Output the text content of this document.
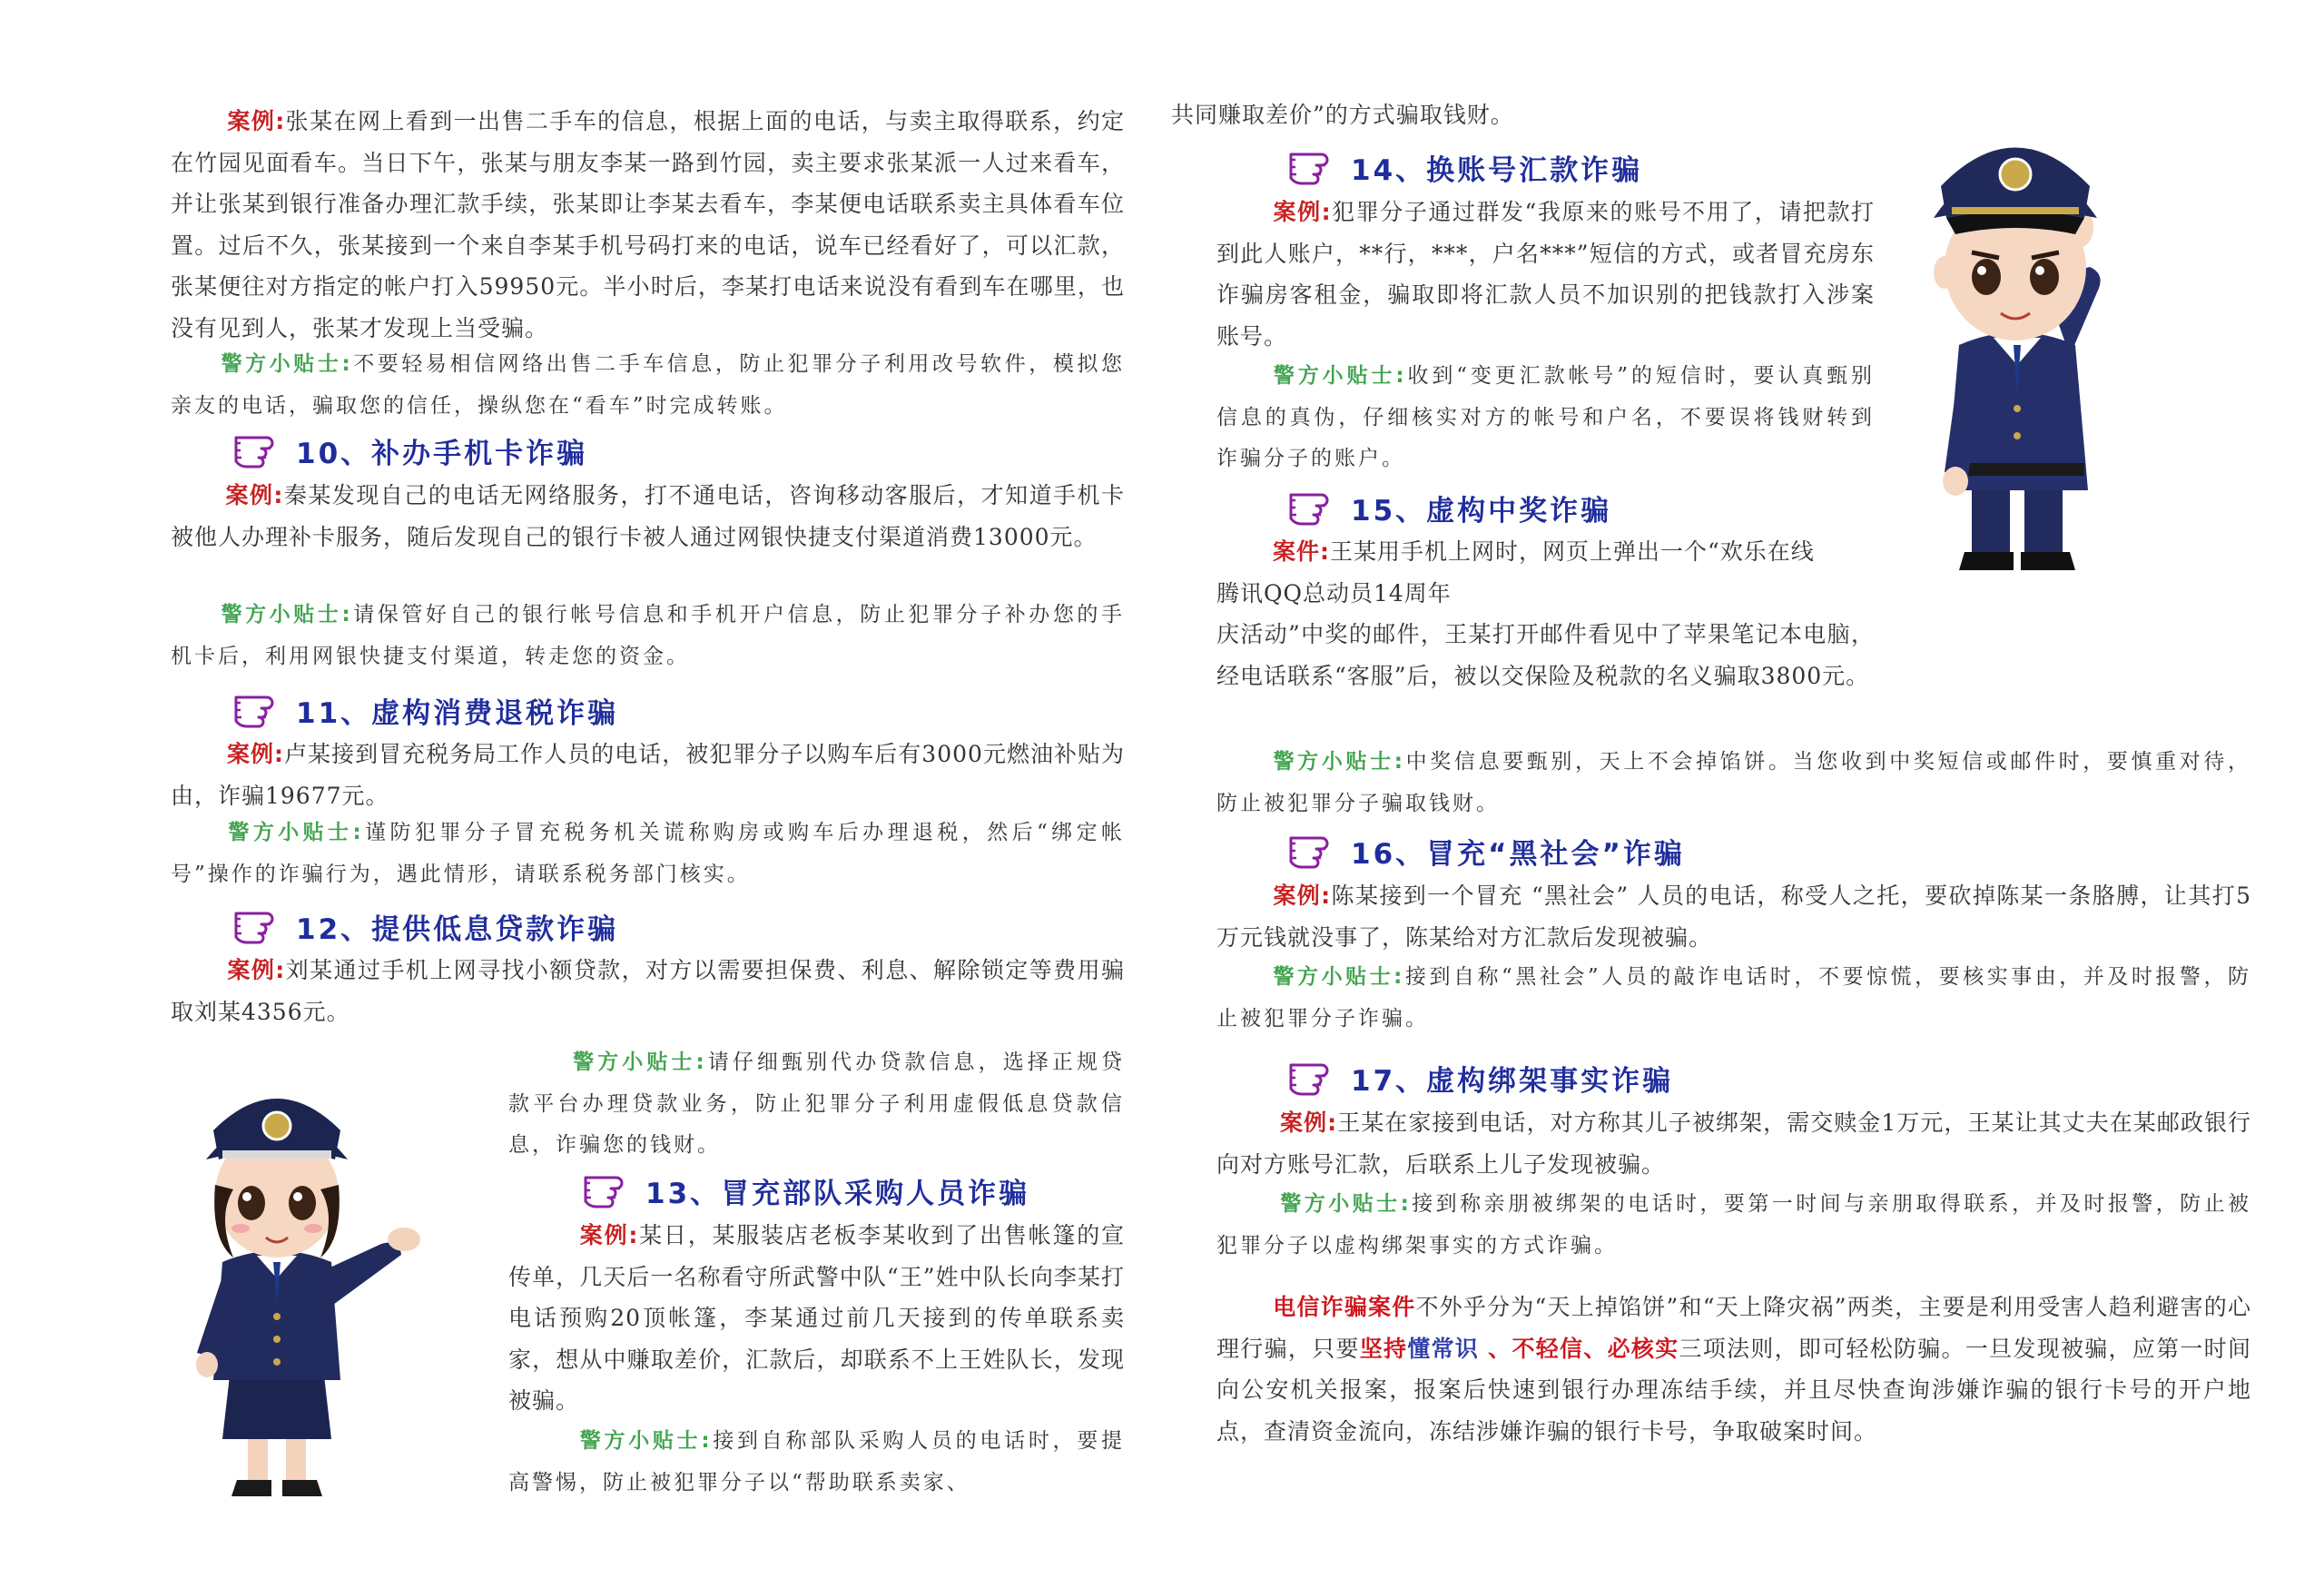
案例:张某在网上看到一出售二手车的信息，根据上面的电话，与卖主取得联系，约定在竹园见面看车。当日下午，张某与朋友李某一路到竹园，卖主要求张某派一人过来看车，并让张某到银行准备办理汇款手续，张某即让李某去看车，李某便电话联系卖主具体看车位置。过后不久，张某接到一个来自李某手机号码打来的电话，说车已经看好了，可以汇款，张某便往对方指定的帐户打入59950元。半小时后，李某打电话来说没有看到车在哪里，也没有见到人，张某才发现上当受骗。

警方小贴士:不要轻易相信网络出售二手车信息，防止犯罪分子利用改号软件，模拟您亲友的电话，骗取您的信任，操纵您在“看车”时完成转账。

10、补办手机卡诈骗

案例:秦某发现自己的电话无网络服务，打不通电话，咨询移动客服后，才知道手机卡被他人办理补卡服务，随后发现自己的银行卡被人通过网银快捷支付渠道消费13000元。

警方小贴士:请保管好自己的银行帐号信息和手机开户信息，防止犯罪分子补办您的手机卡后，利用网银快捷支付渠道，转走您的资金。

11、虚构消费退税诈骗

案例:卢某接到冒充税务局工作人员的电话，被犯罪分子以购车后有3000元燃油补贴为由，诈骗19677元。

警方小贴士:谨防犯罪分子冒充税务机关谎称购房或购车后办理退税，然后“绑定帐号”操作的诈骗行为，遇此情形，请联系税务部门核实。

12、提供低息贷款诈骗

案例:刘某通过手机上网寻找小额贷款，对方以需要担保费、利息、解除锁定等费用骗取刘某4356元。

警方小贴士:请仔细甄别代办贷款信息，选择正规贷款平台办理贷款业务，防止犯罪分子利用虚假低息贷款信息，诈骗您的钱财。

13、冒充部队采购人员诈骗

案例:某日，某服装店老板李某收到了出售帐篷的宣传单，几天后一名称看守所武警中队“王”姓中队长向李某打电话预购20顶帐篷，李某通过前几天接到的传单联系卖家，想从中赚取差价，汇款后，却联系不上王姓队长，发现被骗。

警方小贴士:接到自称部队采购人员的电话时，要提高警惕，防止被犯罪分子以“帮助联系卖家、

共同赚取差价”的方式骗取钱财。

14、换账号汇款诈骗

案例:犯罪分子通过群发“我原来的账号不用了，请把款打到此人账户，**行，***，户名***”短信的方式，或者冒充房东诈骗房客租金，骗取即将汇款人员不加识别的把钱款打入涉案账号。

警方小贴士:收到“变更汇款帐号”的短信时，要认真甄别信息的真伪，仔细核实对方的帐号和户名，不要误将钱财转到诈骗分子的账户。

15、虚构中奖诈骗
案件:王某用手机上网时，网页上弹出一个“欢乐在线
腾讯QQ总动员14周年
庆活动”中奖的邮件，王某打开邮件看见中了苹果笔记本电脑，经电话联系“客服”后，被以交保险及税款的名义骗取3800元。

警方小贴士:中奖信息要甄别，天上不会掉馅饼。当您收到中奖短信或邮件时，要慎重对待，防止被犯罪分子骗取钱财。

16、冒充“黑社会”诈骗

案例:陈某接到一个冒充 “黑社会” 人员的电话，称受人之托，要砍掉陈某一条胳膊，让其打5万元钱就没事了，陈某给对方汇款后发现被骗。

警方小贴士:接到自称“黑社会”人员的敲诈电话时，不要惊慌，要核实事由，并及时报警，防止被犯罪分子诈骗。

17、虚构绑架事实诈骗

案例:王某在家接到电话，对方称其儿子被绑架，需交赎金1万元，王某让其丈夫在某邮政银行向对方账号汇款，后联系上儿子发现被骗。

警方小贴士:接到称亲朋被绑架的电话时，要第一时间与亲朋取得联系，并及时报警，防止被犯罪分子以虚构绑架事实的方式诈骗。

电信诈骗案件不外乎分为“天上掉馅饼”和“天上降灾祸”两类，主要是利用受害人趋利避害的心理行骗，只要坚持懂常识 、不轻信、必核实三项法则，即可轻松防骗。一旦发现被骗，应第一时间向公安机关报案，报案后快速到银行办理冻结手续，并且尽快查询涉嫌诈骗的银行卡号的开户地点，查清资金流向，冻结涉嫌诈骗的银行卡号，争取破案时间。
